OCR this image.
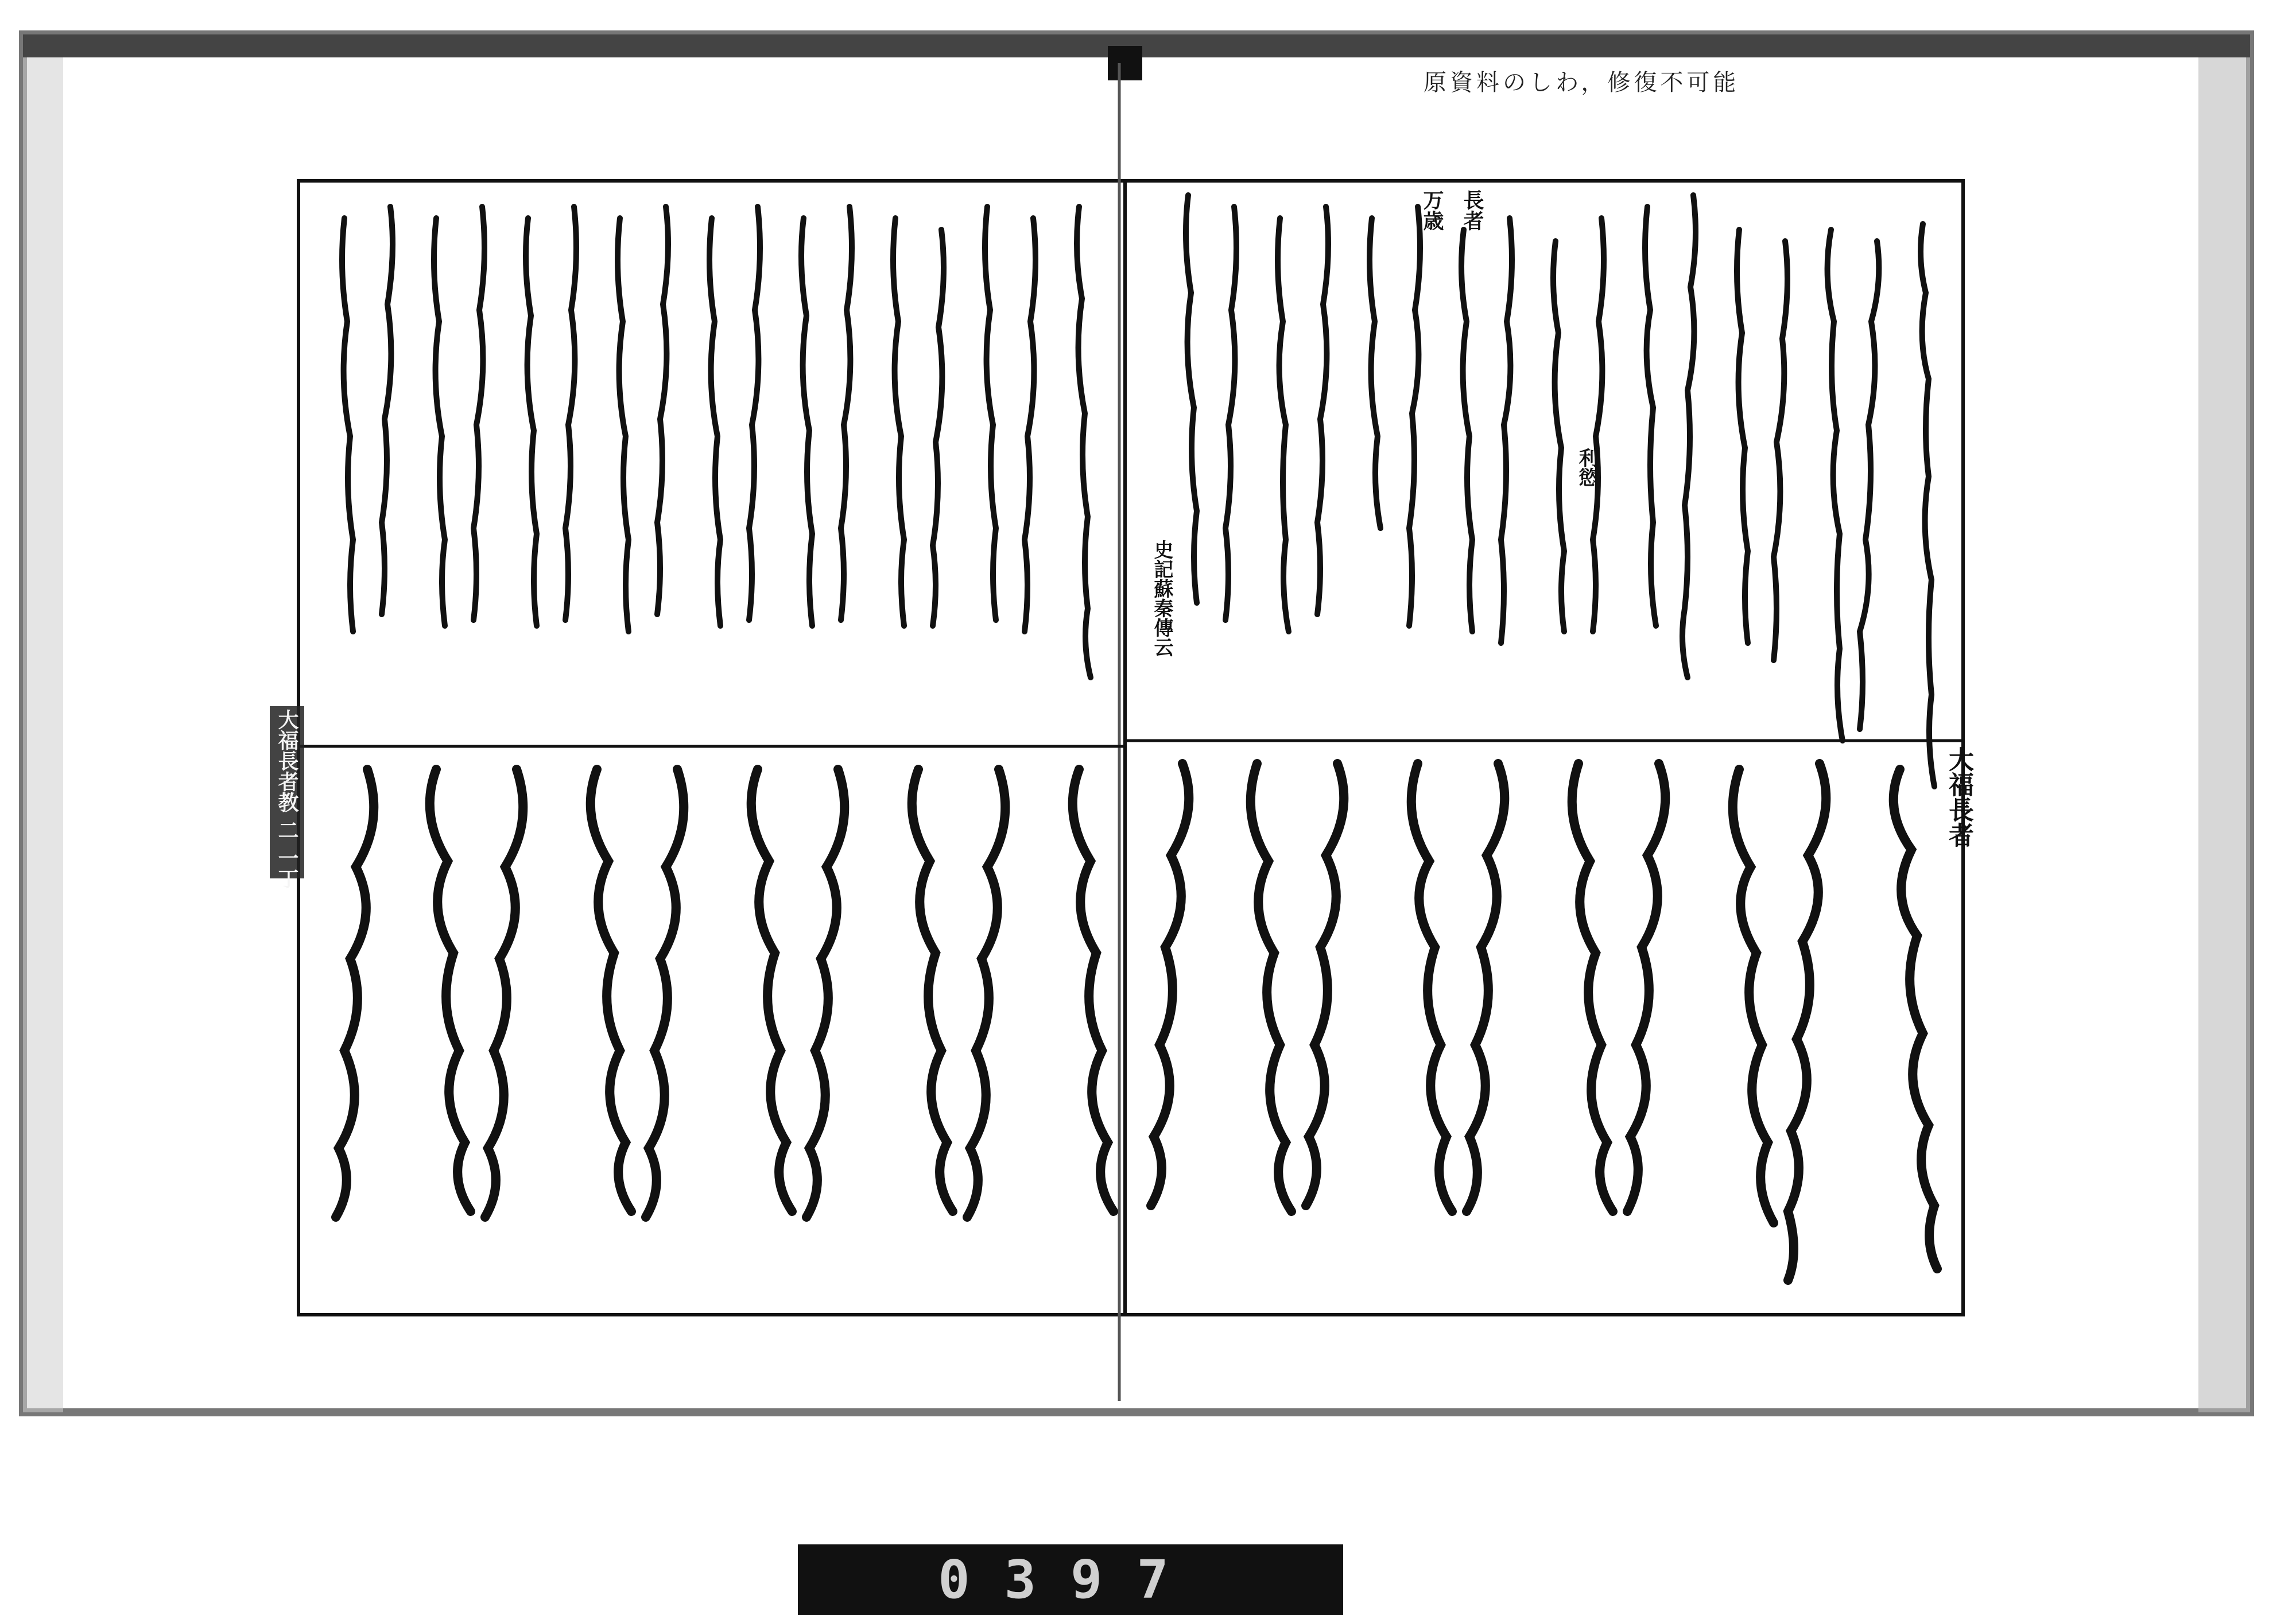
原資料のしわ，修復不可能
大福長者
長者
万歳
史記蘇秦傳云
利慾
大福長者教 二 一丁
0397
